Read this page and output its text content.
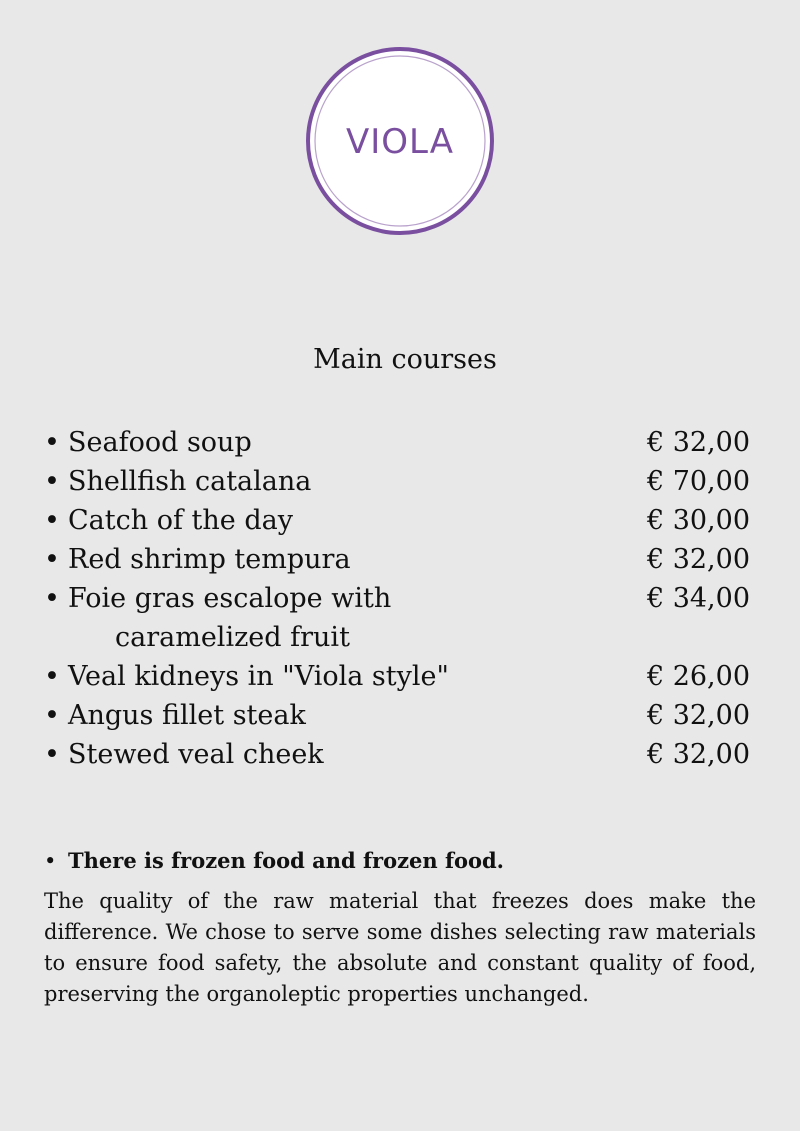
VIOLA
Main courses
• Seafood soup	€ 32,00
• Shellfish catalana	€ 70,00
• Catch of the day	€ 30,00
• Red shrimp tempura	€ 32,00
• Foie gras escalope with
caramelized fruit
€ 34,00
• Veal kidneys in "Viola style"	€ 26,00
• Angus fillet steak	€ 32,00
• Stewed veal cheek	€ 32,00

• There is frozen food and frozen food.

The quality of the raw material that freezes does make the difference. We chose to serve some dishes selecting raw materials to ensure food safety, the absolute and constant quality of food, preserving the organoleptic properties unchanged.
